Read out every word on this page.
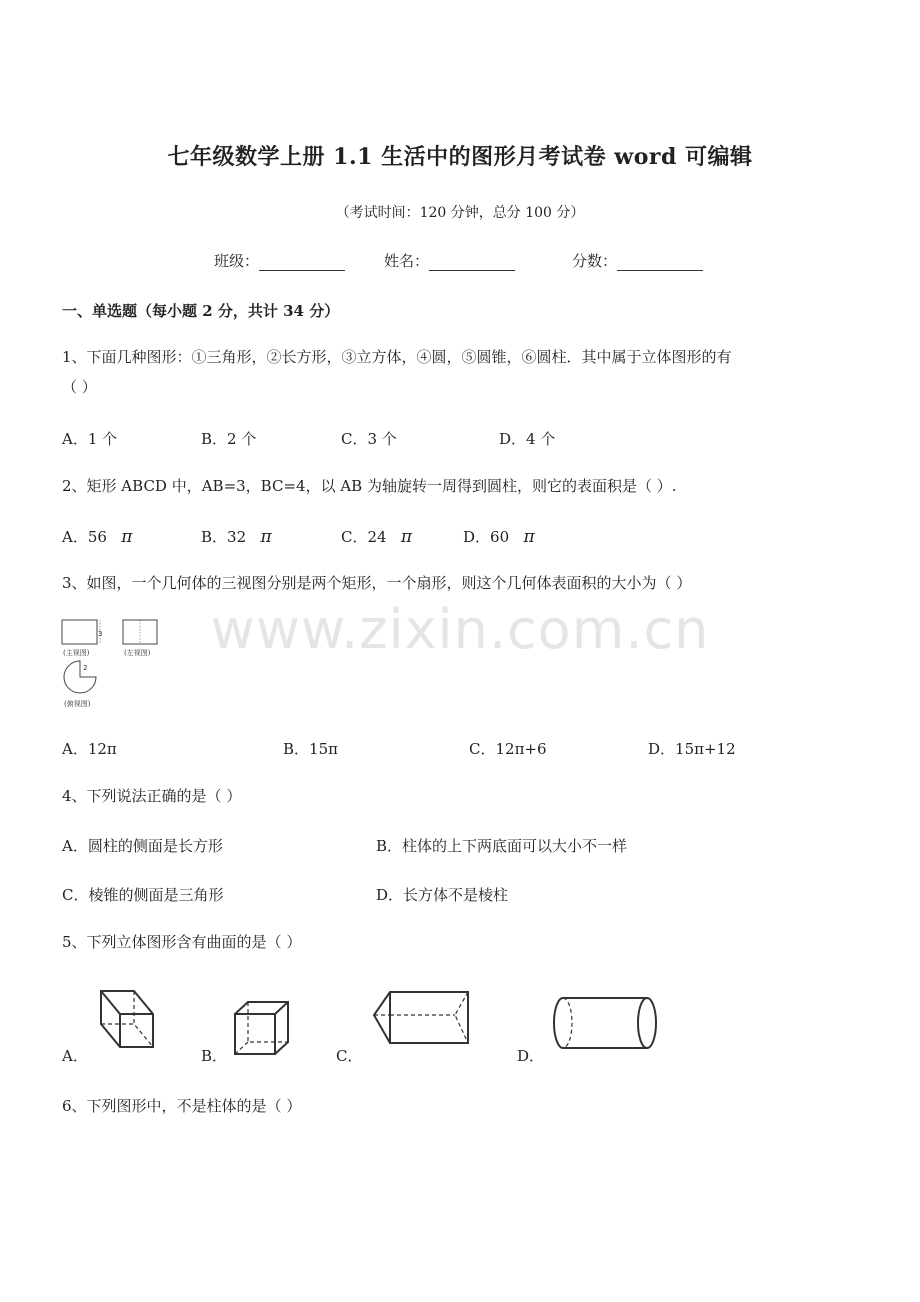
七年级数学上册 1.1 生活中的图形月考试卷 word 可编辑
（考试时间：120 分钟，总分 100 分）
班级：	姓名：	分数：
一、单选题（每小题 2 分，共计 34 分）
1、下面几种图形：①三角形，②长方形，③立方体，④圆，⑤圆锥，⑥圆柱．其中属于立体图形的有
（ ）
A．1 个	B．2 个	C．3 个	D．4 个
2、矩形 ABCD 中，AB=3，BC=4，以 AB 为轴旋转一周得到圆柱，则它的表面积是（ ）.
A．56 π	B．32 π	C．24 π	D．60 π
3、如图，一个几何体的三视图分别是两个矩形，一个扇形，则这个几何体表面积的大小为（ ）
3
(主视图)	(左视图)
2
(俯视图)
www.zixin.com.cn
A．12π	B．15π	C．12π+6	D．15π+12
4、下列说法正确的是（ ）
A．圆柱的侧面是长方形	B．柱体的上下两底面可以大小不一样
C．棱锥的侧面是三角形	D．长方体不是棱柱
5、下列立体图形含有曲面的是（ ）
A．	B．	C．	D．
6、下列图形中，不是柱体的是（ ）
